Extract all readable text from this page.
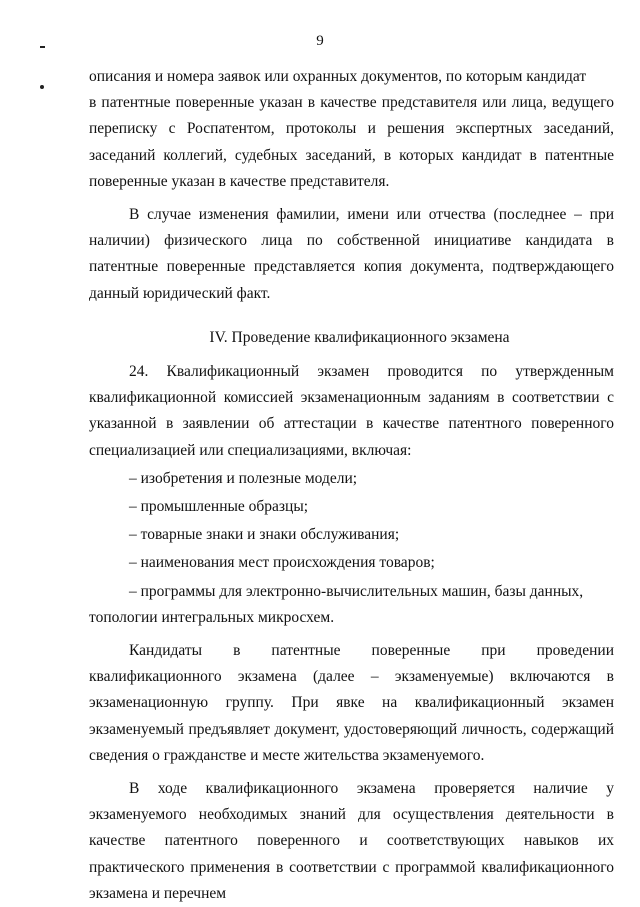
9

описания и номера заявок или охранных документов, по которым кандидат

в патентные поверенные указан в качестве представителя или лица, ведущего переписку с Роспатентом, протоколы и решения экспертных заседаний, заседаний коллегий, судебных заседаний, в которых кандидат в патентные поверенные указан в качестве представителя.

В случае изменения фамилии, имени или отчества (последнее – при наличии) физического лица по собственной инициативе кандидата в патентные поверенные представляется копия документа, подтверждающего данный юридический факт.

IV. Проведение квалификационного экзамена

24. Квалификационный экзамен проводится по утвержденным квалификационной комиссией экзаменационным заданиям в соответствии с указанной в заявлении об аттестации в качестве патентного поверенного специализацией или специализациями, включая:

– изобретения и полезные модели;

– промышленные образцы;

– товарные знаки и знаки обслуживания;

– наименования мест происхождения товаров;

– программы для электронно-вычислительных машин, базы данных,

топологии интегральных микросхем.

Кандидаты в патентные поверенные при проведении квалификационного экзамена (далее – экзаменуемые) включаются в экзаменационную группу. При явке на квалификационный экзамен экзаменуемый предъявляет документ, удостоверяющий личность, содержащий сведения о гражданстве и месте жительства экзаменуемого.

В ходе квалификационного экзамена проверяется наличие у экзаменуемого необходимых знаний для осуществления деятельности в качестве патентного поверенного и соответствующих навыков их практического применения в соответствии с программой квалификационного экзамена и перечнем
